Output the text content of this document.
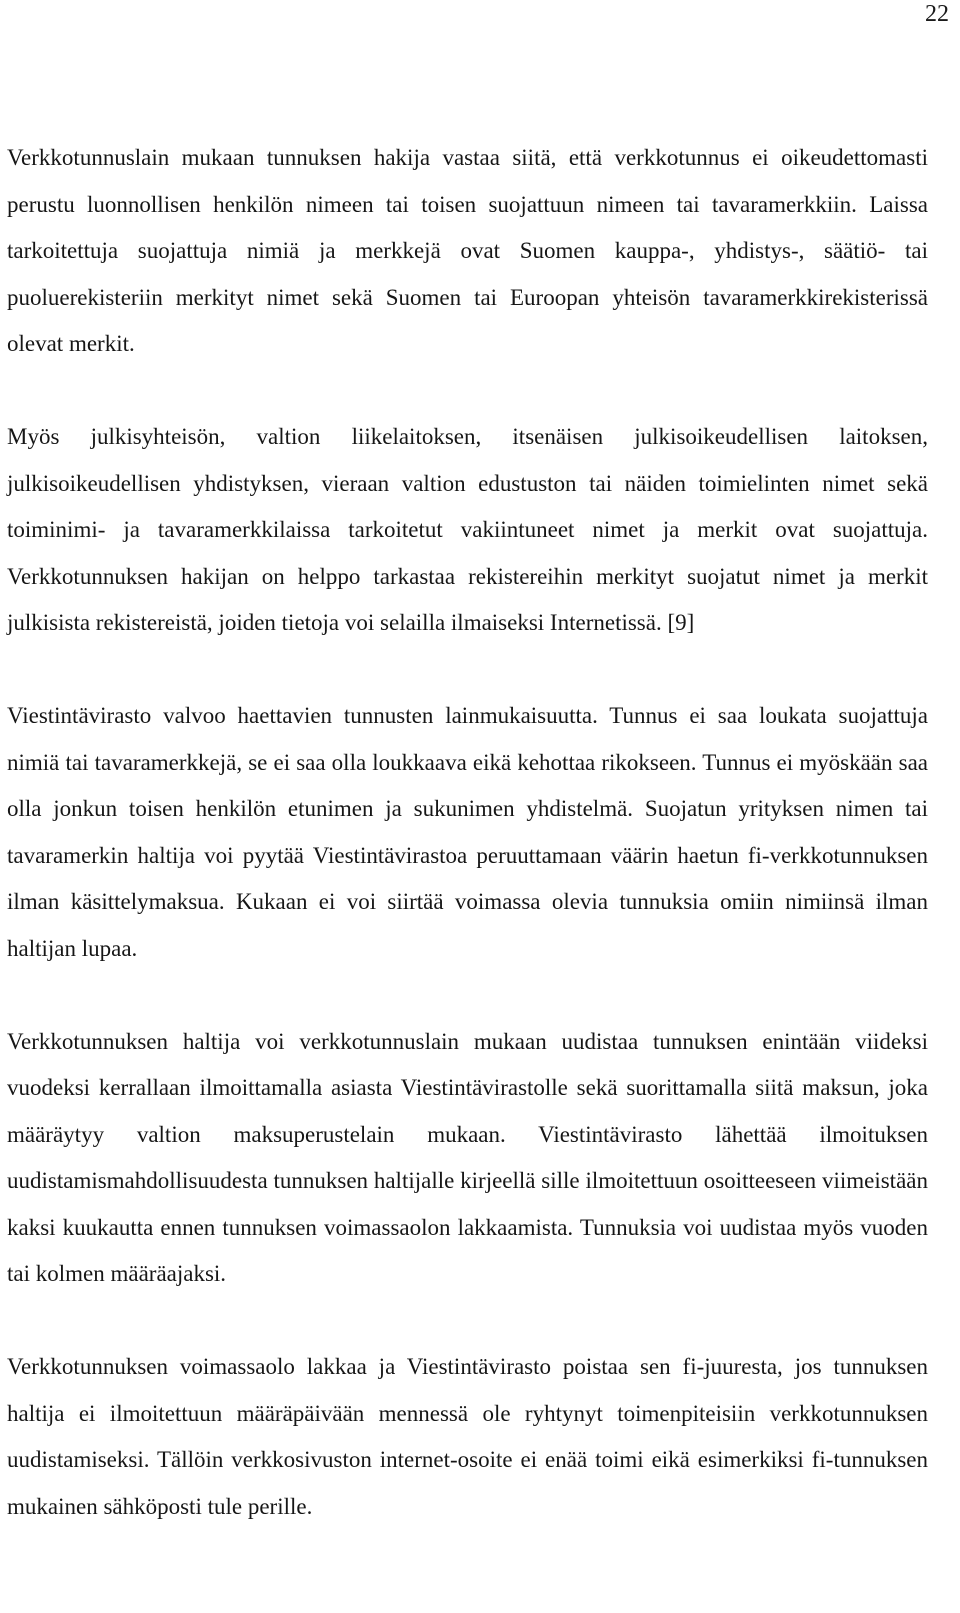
22

Verkkotunnuslain mukaan tunnuksen hakija vastaa siitä, että verkkotunnus ei oikeudettomasti perustu luonnollisen henkilön nimeen tai toisen suojattuun nimeen tai tavaramerkkiin. Laissa tarkoitettuja suojattuja nimiä ja merkkejä ovat Suomen kauppa-, yhdistys-, säätiö- tai puoluerekisteriin merkityt nimet sekä Suomen tai Euroopan yhteisön tavaramerkkirekisterissä olevat merkit.

Myös julkisyhteisön, valtion liikelaitoksen, itsenäisen julkisoikeudellisen laitoksen, julkisoikeudellisen yhdistyksen, vieraan valtion edustuston tai näiden toimielinten nimet sekä toiminimi- ja tavaramerkkilaissa tarkoitetut vakiintuneet nimet ja merkit ovat suojattuja. Verkkotunnuksen hakijan on helppo tarkastaa rekistereihin merkityt suojatut nimet ja merkit julkisista rekistereistä, joiden tietoja voi selailla ilmaiseksi Internetissä. [9]

Viestintävirasto valvoo haettavien tunnusten lainmukaisuutta. Tunnus ei saa loukata suojattuja nimiä tai tavaramerkkejä, se ei saa olla loukkaava eikä kehottaa rikokseen. Tunnus ei myöskään saa olla jonkun toisen henkilön etunimen ja sukunimen yhdistelmä. Suojatun yrityksen nimen tai tavaramerkin haltija voi pyytää Viestintävirastoa peruuttamaan väärin haetun fi-verkkotunnuksen ilman käsittelymaksua. Kukaan ei voi siirtää voimassa olevia tunnuksia omiin nimiinsä ilman haltijan lupaa.

Verkkotunnuksen haltija voi verkkotunnuslain mukaan uudistaa tunnuksen enintään viideksi vuodeksi kerrallaan ilmoittamalla asiasta Viestintävirastolle sekä suorittamalla siitä maksun, joka määräytyy valtion maksuperustelain mukaan. Viestintävirasto lähettää ilmoituksen uudistamismahdollisuudesta tunnuksen haltijalle kirjeellä sille ilmoitettuun osoitteeseen viimeistään kaksi kuukautta ennen tunnuksen voimassaolon lakkaamista. Tunnuksia voi uudistaa myös vuoden tai kolmen määräajaksi.

Verkkotunnuksen voimassaolo lakkaa ja Viestintävirasto poistaa sen fi-juuresta, jos tunnuksen haltija ei ilmoitettuun määräpäivään mennessä ole ryhtynyt toimenpiteisiin verkkotunnuksen uudistamiseksi. Tällöin verkkosivuston internet-osoite ei enää toimi eikä esimerkiksi fi-tunnuksen mukainen sähköposti tule perille.
